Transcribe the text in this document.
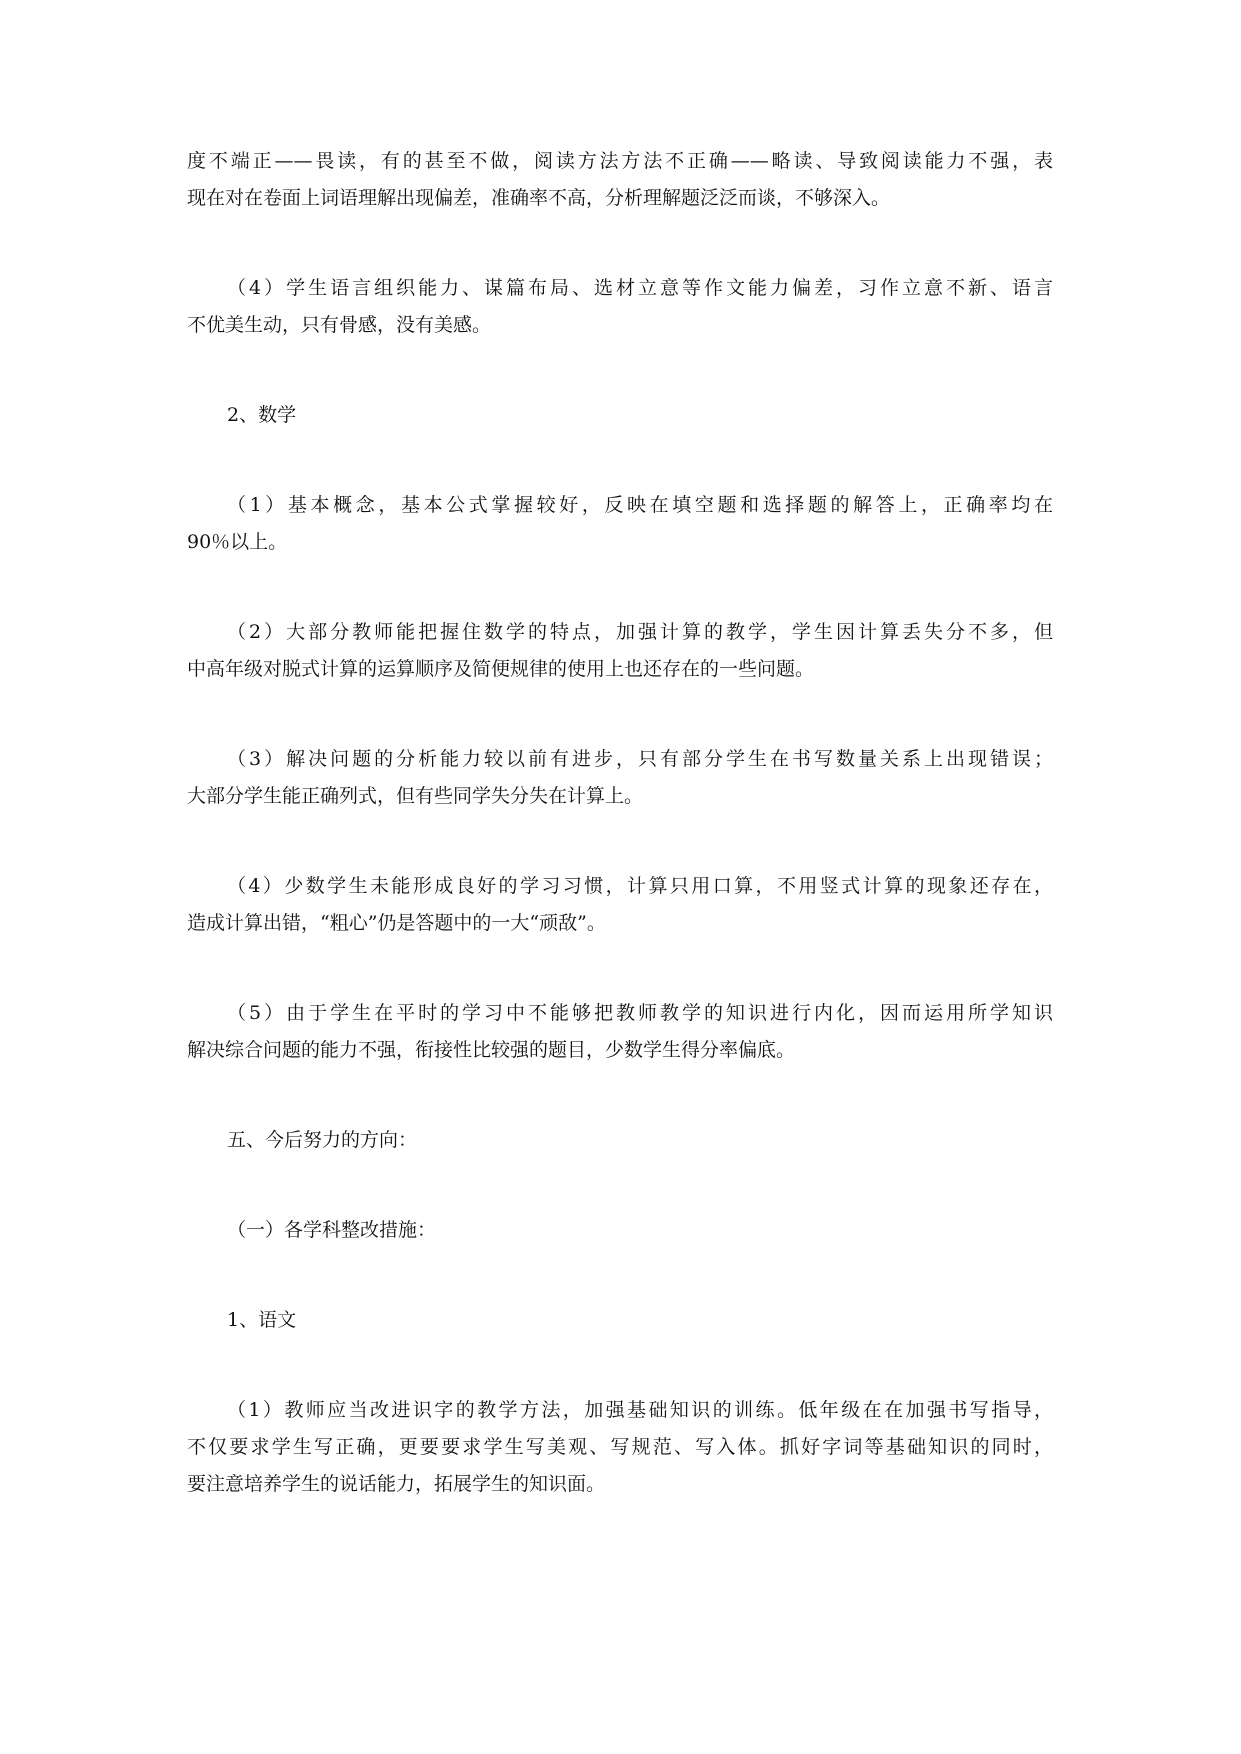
度不端正——畏读，有的甚至不做，阅读方法方法不正确——略读、导致阅读能力不强，表
现在对在卷面上词语理解出现偏差，准确率不高，分析理解题泛泛而谈，不够深入。
（4）学生语言组织能力、谋篇布局、选材立意等作文能力偏差，习作立意不新、语言
不优美生动，只有骨感，没有美感。
2、数学
（1）基本概念，基本公式掌握较好，反映在填空题和选择题的解答上，正确率均在
90％以上。
（2）大部分教师能把握住数学的特点，加强计算的教学，学生因计算丢失分不多，但
中高年级对脱式计算的运算顺序及简便规律的使用上也还存在的一些问题。
（3）解决问题的分析能力较以前有进步，只有部分学生在书写数量关系上出现错误；
大部分学生能正确列式，但有些同学失分失在计算上。
（4）少数学生未能形成良好的学习习惯，计算只用口算，不用竖式计算的现象还存在，
造成计算出错，“粗心”仍是答题中的一大“顽敌”。
（5）由于学生在平时的学习中不能够把教师教学的知识进行内化，因而运用所学知识
解决综合问题的能力不强，衔接性比较强的题目，少数学生得分率偏底。
五、今后努力的方向：
（一）各学科整改措施：
1、语文
（1）教师应当改进识字的教学方法，加强基础知识的训练。低年级在在加强书写指导，
不仅要求学生写正确，更要要求学生写美观、写规范、写入体。抓好字词等基础知识的同时，
要注意培养学生的说话能力，拓展学生的知识面。
